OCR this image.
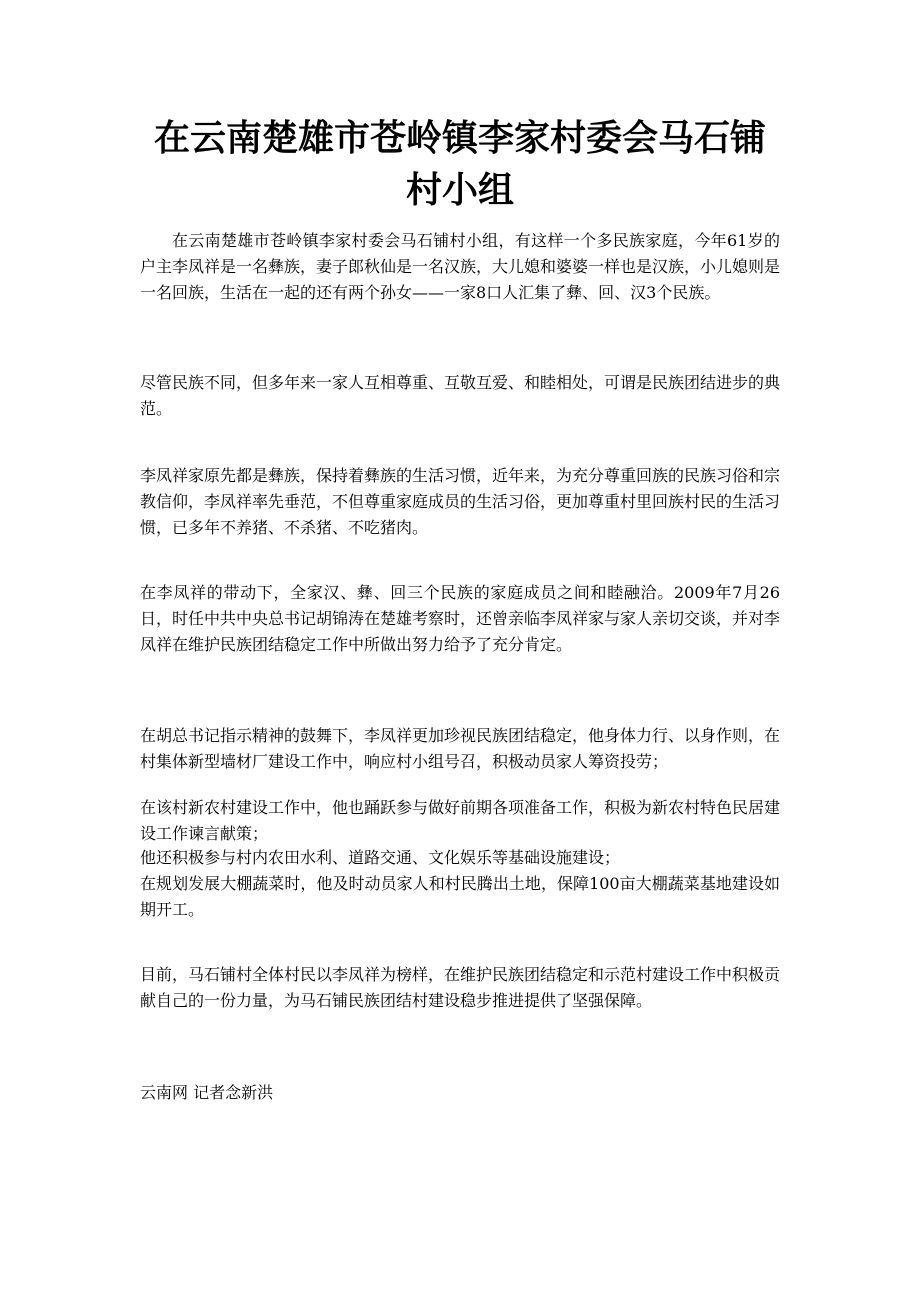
在云南楚雄市苍岭镇李家村委会马石铺村小组

在云南楚雄市苍岭镇李家村委会马石铺村小组，有这样一个多民族家庭，今年61岁的户主李凤祥是一名彝族，妻子郎秋仙是一名汉族，大儿媳和婆婆一样也是汉族，小儿媳则是一名回族，生活在一起的还有两个孙女——一家8口人汇集了彝、回、汉3个民族。

尽管民族不同，但多年来一家人互相尊重、互敬互爱、和睦相处，可谓是民族团结进步的典范。

李凤祥家原先都是彝族，保持着彝族的生活习惯，近年来，为充分尊重回族的民族习俗和宗教信仰，李凤祥率先垂范，不但尊重家庭成员的生活习俗，更加尊重村里回族村民的生活习惯，已多年不养猪、不杀猪、不吃猪肉。

在李凤祥的带动下，全家汉、彝、回三个民族的家庭成员之间和睦融洽。2009年7月26日，时任中共中央总书记胡锦涛在楚雄考察时，还曾亲临李凤祥家与家人亲切交谈，并对李凤祥在维护民族团结稳定工作中所做出努力给予了充分肯定。

在胡总书记指示精神的鼓舞下，李凤祥更加珍视民族团结稳定，他身体力行、以身作则，在村集体新型墙材厂建设工作中，响应村小组号召，积极动员家人筹资投劳；

在该村新农村建设工作中，他也踊跃参与做好前期各项准备工作，积极为新农村特色民居建设工作谏言献策；

他还积极参与村内农田水利、道路交通、文化娱乐等基础设施建设；

在规划发展大棚蔬菜时，他及时动员家人和村民腾出土地，保障100亩大棚蔬菜基地建设如期开工。

目前，马石铺村全体村民以李凤祥为榜样，在维护民族团结稳定和示范村建设工作中积极贡献自己的一份力量，为马石铺民族团结村建设稳步推进提供了坚强保障。

云南网 记者念新洪
